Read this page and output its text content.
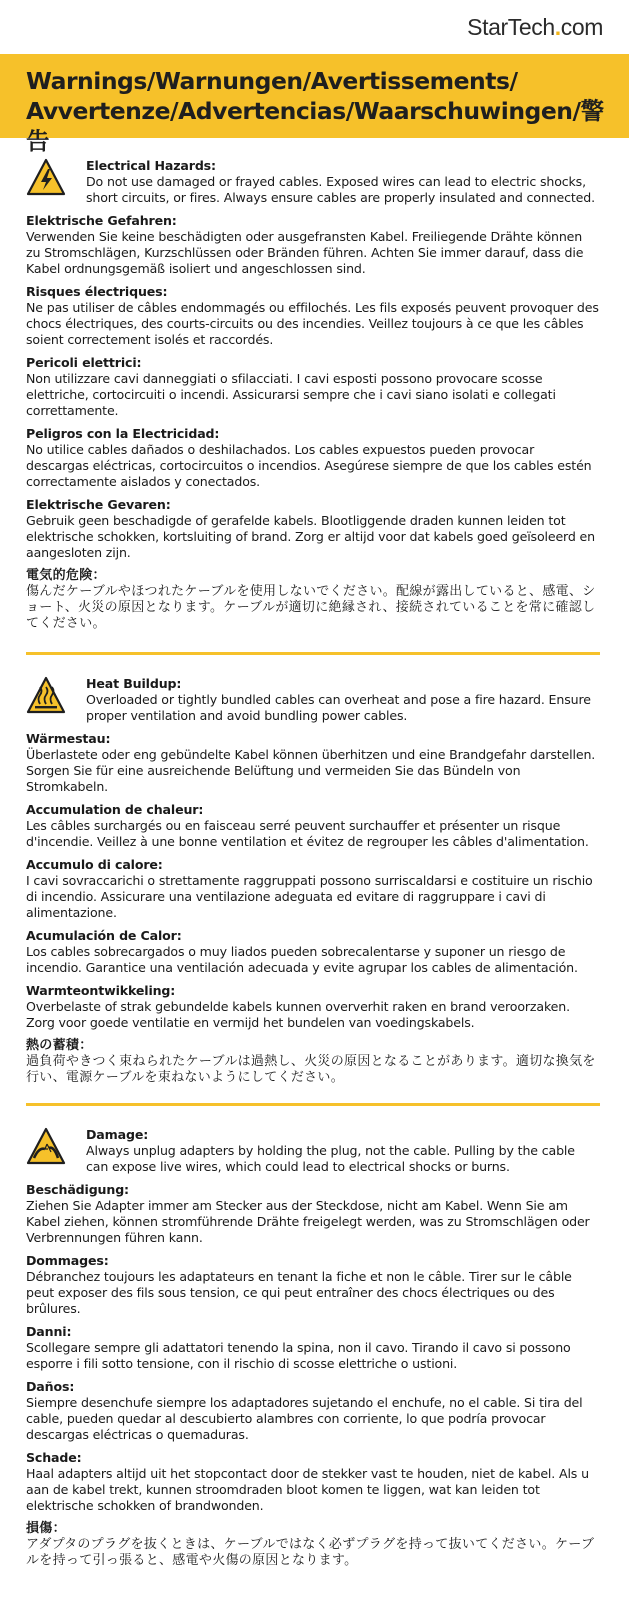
StarTech . com
Warnings/Warnungen/Avertissements/
Avvertenze/Advertencias/Waarschuwingen/警告
Electrical Hazards:
Do not use damaged or frayed cables. Exposed wires can lead to electric shocks, short circuits, or fires. Always ensure cables are properly insulated and connected.
Elektrische Gefahren:
Verwenden Sie keine beschädigten oder ausgefransten Kabel. Freiliegende Drähte können zu Stromschlägen, Kurzschlüssen oder Bränden führen. Achten Sie immer darauf, dass die Kabel ordnungsgemäß isoliert und angeschlossen sind.
Risques électriques:
Ne pas utiliser de câbles endommagés ou effilochés. Les fils exposés peuvent provoquer des chocs électriques, des courts-circuits ou des incendies. Veillez toujours à ce que les câbles soient correctement isolés et raccordés.
Pericoli elettrici:
Non utilizzare cavi danneggiati o sfilacciati. I cavi esposti possono provocare scosse elettriche, cortocircuiti o incendi. Assicurarsi sempre che i cavi siano isolati e collegati correttamente.
Peligros con la Electricidad:
No utilice cables dañados o deshilachados. Los cables expuestos pueden provocar descargas eléctricas, cortocircuitos o incendios. Asegúrese siempre de que los cables estén correctamente aislados y conectados.
Elektrische Gevaren:
Gebruik geen beschadigde of gerafelde kabels. Blootliggende draden kunnen leiden tot elektrische schokken, kortsluiting of brand. Zorg er altijd voor dat kabels goed geïsoleerd en aangesloten zijn.
電気的危険：
傷んだケーブルやほつれたケーブルを使用しないでください。配線が露出していると、感電、ショート、火災の原因となります。ケーブルが適切に絶縁され、接続されていることを常に確認してください。
Heat Buildup:
Overloaded or tightly bundled cables can overheat and pose a fire hazard. Ensure proper ventilation and avoid bundling power cables.
Wärmestau:
Überlastete oder eng gebündelte Kabel können überhitzen und eine Brandgefahr darstellen. Sorgen Sie für eine ausreichende Belüftung und vermeiden Sie das Bündeln von Stromkabeln.
Accumulation de chaleur:
Les câbles surchargés ou en faisceau serré peuvent surchauffer et présenter un risque d'incendie. Veillez à une bonne ventilation et évitez de regrouper les câbles d'alimentation.
Accumulo di calore:
I cavi sovraccarichi o strettamente raggruppati possono surriscaldarsi e costituire un rischio di incendio. Assicurare una ventilazione adeguata ed evitare di raggruppare i cavi di alimentazione.
Acumulación de Calor:
Los cables sobrecargados o muy liados pueden sobrecalentarse y suponer un riesgo de incendio. Garantice una ventilación adecuada y evite agrupar los cables de alimentación.
Warmteontwikkeling:
Overbelaste of strak gebundelde kabels kunnen oververhit raken en brand veroorzaken. Zorg voor goede ventilatie en vermijd het bundelen van voedingskabels.
熱の蓄積：
過負荷やきつく束ねられたケーブルは過熱し、火災の原因となることがあります。適切な換気を行い、電源ケーブルを束ねないようにしてください。
Damage:
Always unplug adapters by holding the plug, not the cable. Pulling by the cable can expose live wires, which could lead to electrical shocks or burns.
Beschädigung:
Ziehen Sie Adapter immer am Stecker aus der Steckdose, nicht am Kabel. Wenn Sie am Kabel ziehen, können stromführende Drähte freigelegt werden, was zu Stromschlägen oder Verbrennungen führen kann.
Dommages:
Débranchez toujours les adaptateurs en tenant la fiche et non le câble. Tirer sur le câble peut exposer des fils sous tension, ce qui peut entraîner des chocs électriques ou des brûlures.
Danni:
Scollegare sempre gli adattatori tenendo la spina, non il cavo. Tirando il cavo si possono esporre i fili sotto tensione, con il rischio di scosse elettriche o ustioni.
Daños:
Siempre desenchufe siempre los adaptadores sujetando el enchufe, no el cable. Si tira del cable, pueden quedar al descubierto alambres con corriente, lo que podría provocar descargas eléctricas o quemaduras.
Schade:
Haal adapters altijd uit het stopcontact door de stekker vast te houden, niet de kabel. Als u aan de kabel trekt, kunnen stroomdraden bloot komen te liggen, wat kan leiden tot elektrische schokken of brandwonden.
損傷：
アダプタのプラグを抜くときは、ケーブルではなく必ずプラグを持って抜いてください。ケーブルを持って引っ張ると、感電や火傷の原因となります。
